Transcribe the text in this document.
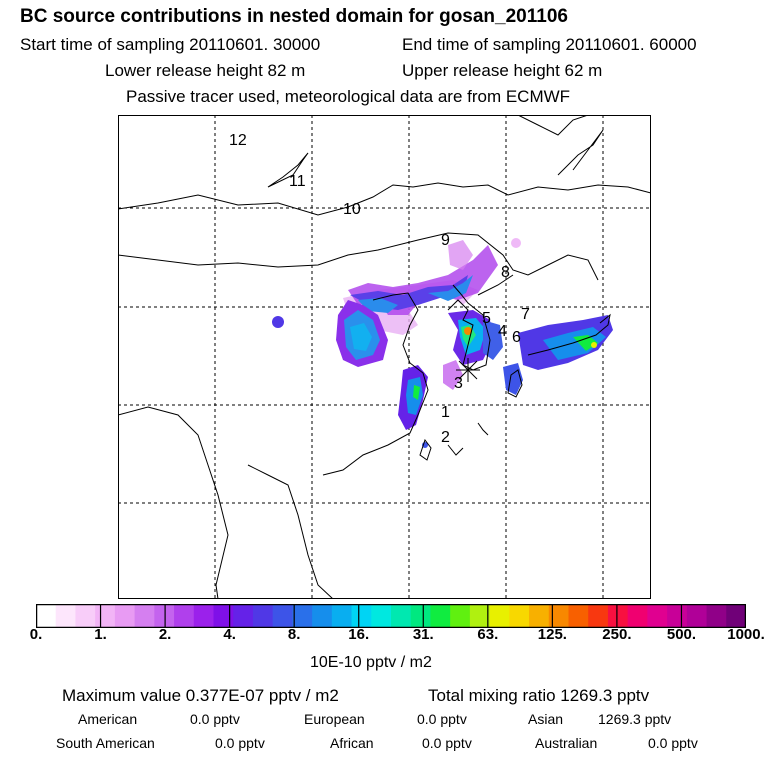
BC source contributions in nested domain for gosan_201106
Start time of sampling 20110601. 30000	End time of sampling 20110601. 60000
Lower release height 82 m	Upper release height 62 m
Passive tracer used, meteorological data are from ECMWF
1
2
3
4
5
6
7
8
9
10
11
12
0.	1.	2.	4.	8.	16.	31.	63.	125. 250. 500. 1000.
10E-10 pptv / m2
Maximum value 0.377E-07 pptv / m2	Total mixing ratio 1269.3 pptv
American	0.0 pptv	European	0.0 pptv	Asian 1269.3 pptv
South American	0.0 pptv	African	0.0 pptv	Australian	0.0 pptv
